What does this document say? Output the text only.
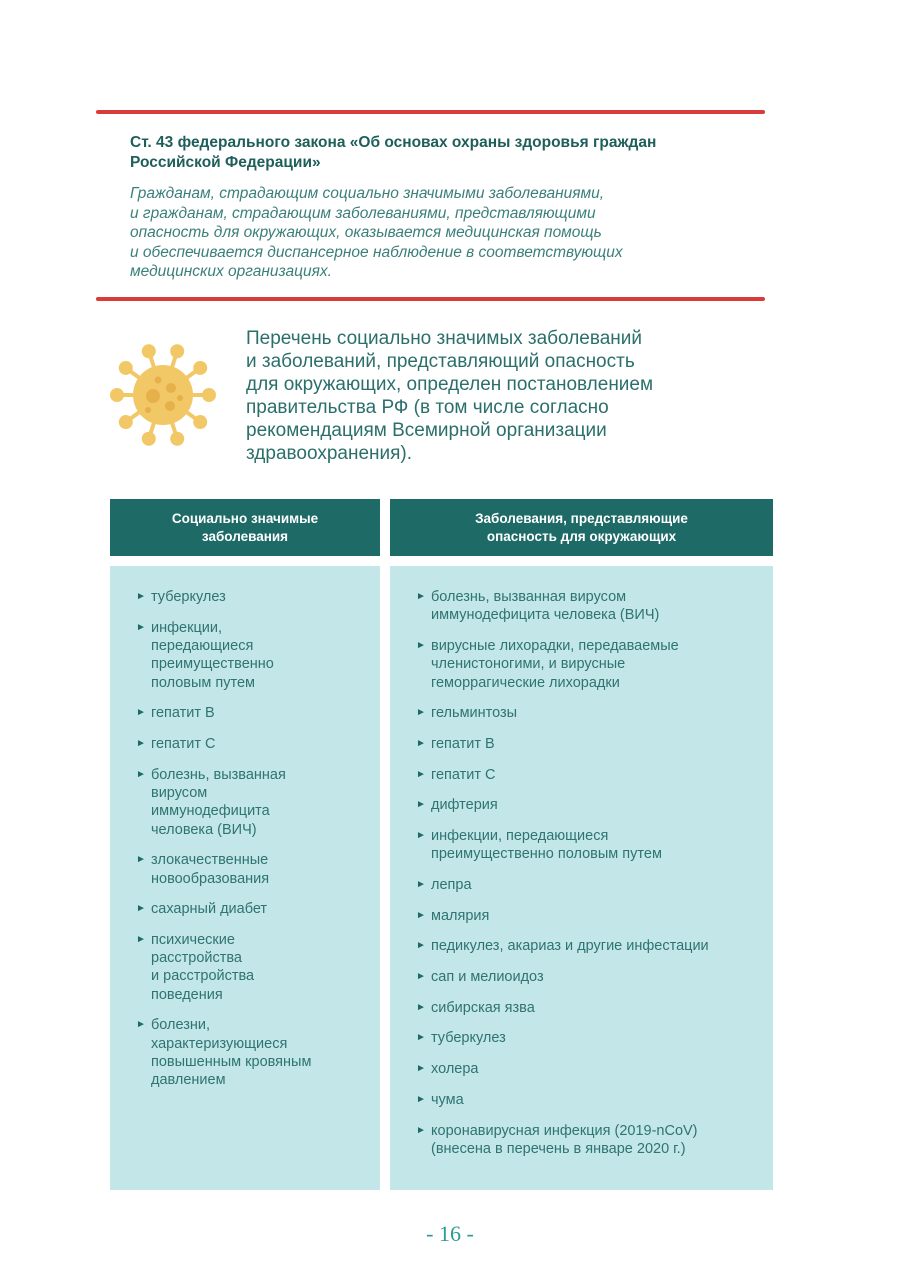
Ст. 43 федерального закона «Об основах охраны здоровья граждан Российской Федерации»
Гражданам, страдающим социально значимыми заболеваниями,
и гражданам, страдающим заболеваниями, представляющими
опасность для окружающих, оказывается медицинская помощь
и обеспечивается диспансерное наблюдение в соответствующих
медицинских организациях.
Перечень социально значимых заболеваний
и заболеваний, представляющий опасность
для окружающих, определен постановлением
правительства РФ (в том числе согласно
рекомендациям Всемирной организации
здравоохранения).
Социально значимые
заболевания
Заболевания, представляющие
опасность для окружающих
► туберкулез
► инфекции,
передающиеся
преимущественно
половым путем
► гепатит В
► гепатит С
► болезнь, вызванная
вирусом
иммунодефицита
человека (ВИЧ)
► злокачественные
новообразования
► сахарный диабет
► психические
расстройства
и расстройства
поведения
► болезни,
характеризующиеся
повышенным кровяным
давлением
► болезнь, вызванная вирусом
иммунодефицита человека (ВИЧ)
► вирусные лихорадки, передаваемые
членистоногими, и вирусные
геморрагические лихорадки
► гельминтозы
► гепатит В
► гепатит С
► дифтерия
► инфекции, передающиеся
преимущественно половым путем
► лепра
► малярия
► педикулез, акариаз и другие инфестации
► сап и мелиоидоз
► сибирская язва
► туберкулез
► холера
► чума
► коронавирусная инфекция (2019-nCoV)
(внесена в перечень в январе 2020 г.)
- 16 -
